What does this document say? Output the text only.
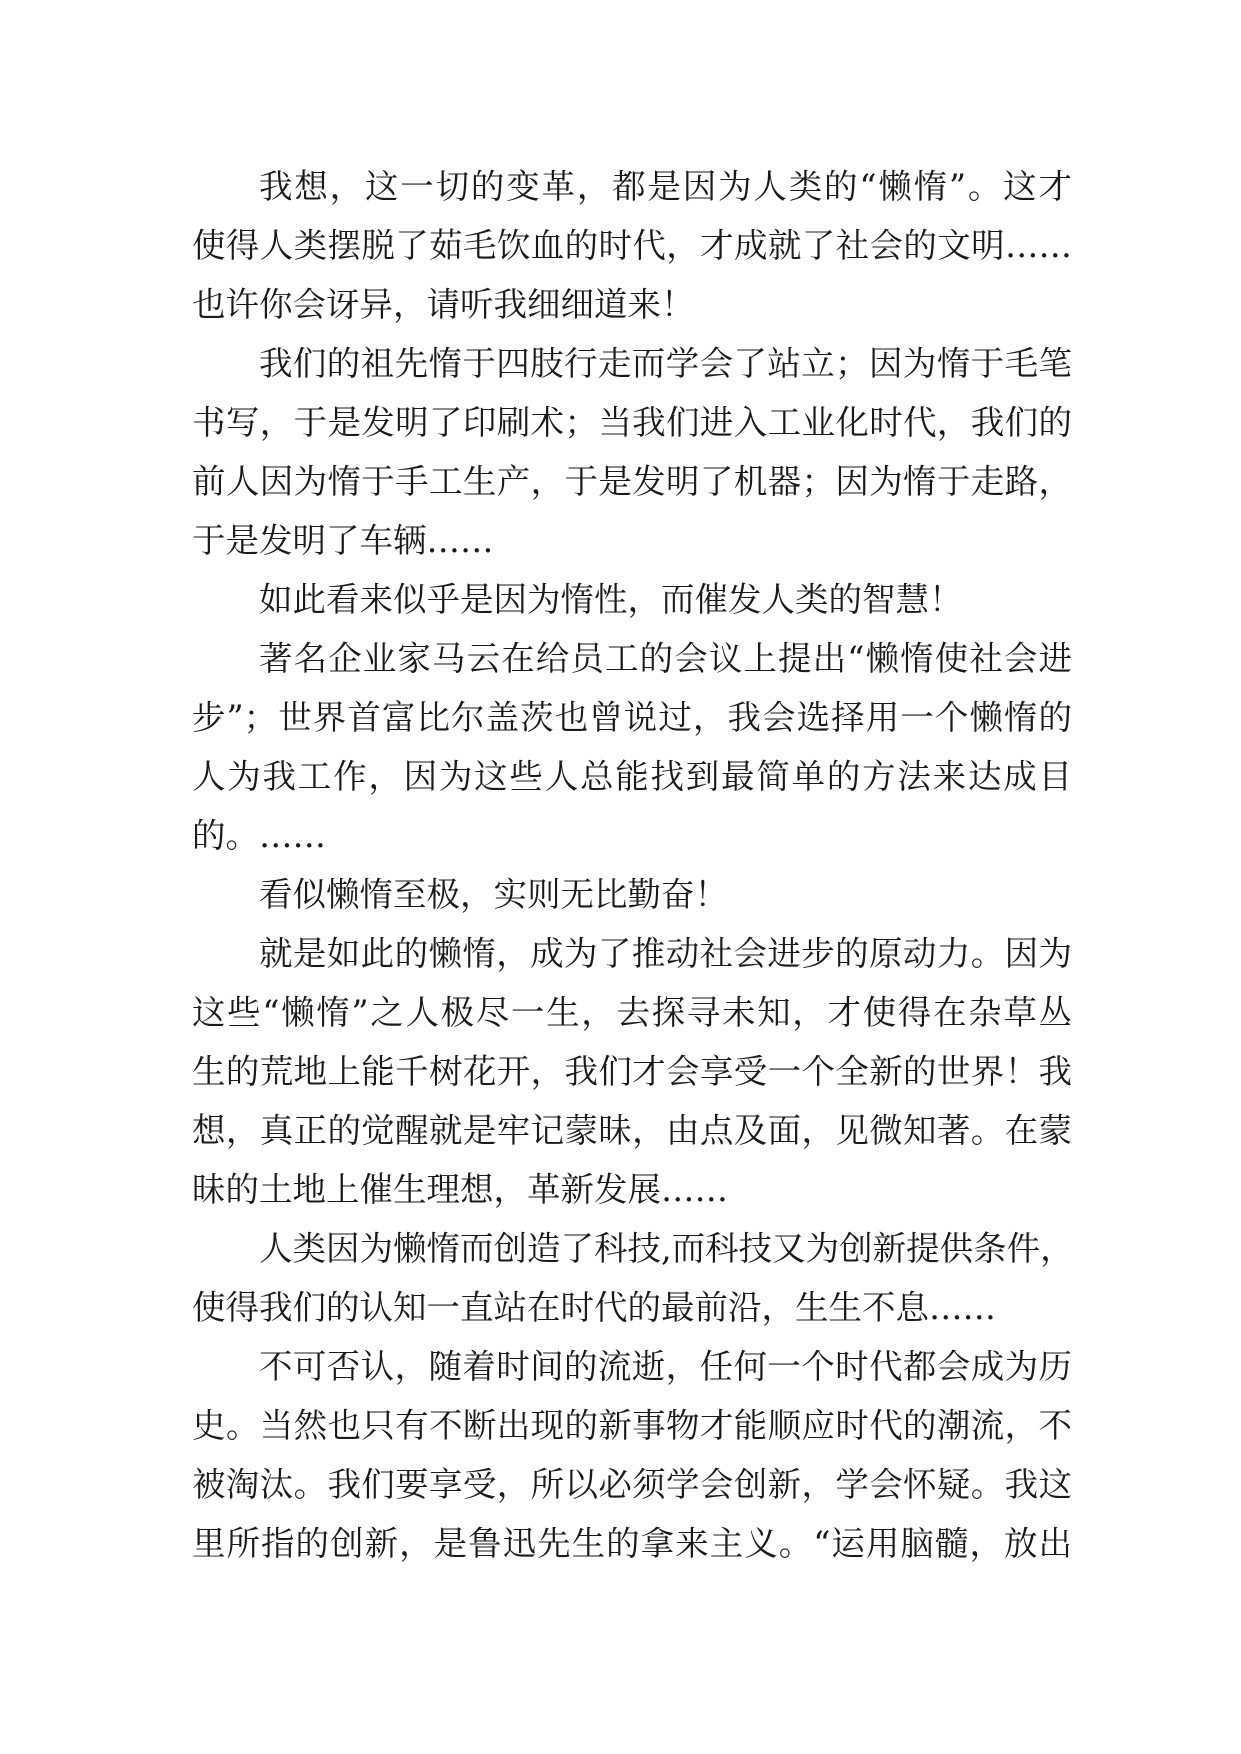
我想，这一切的变革，都是因为人类的“懒惰”。这才
使得人类摆脱了茹毛饮血的时代，才成就了社会的文明……
也许你会讶异，请听我细细道来！
我们的祖先惰于四肢行走而学会了站立；因为惰于毛笔
书写，于是发明了印刷术；当我们进入工业化时代，我们的
前人因为惰于手工生产，于是发明了机器；因为惰于走路，
于是发明了车辆……
如此看来似乎是因为惰性，而催发人类的智慧！
著名企业家马云在给员工的会议上提出“懒惰使社会进
步”；世界首富比尔盖茨也曾说过，我会选择用一个懒惰的
人为我工作，因为这些人总能找到最简单的方法来达成目
的。……
看似懒惰至极，实则无比勤奋！
就是如此的懒惰，成为了推动社会进步的原动力。因为
这些“懒惰”之人极尽一生，去探寻未知，才使得在杂草丛
生的荒地上能千树花开，我们才会享受一个全新的世界！我
想，真正的觉醒就是牢记蒙昧，由点及面，见微知著。在蒙
昧的土地上催生理想，革新发展……
人类因为懒惰而创造了科技,而科技又为创新提供条件，
使得我们的认知一直站在时代的最前沿，生生不息……
不可否认，随着时间的流逝，任何一个时代都会成为历
史。当然也只有不断出现的新事物才能顺应时代的潮流，不
被淘汰。我们要享受，所以必须学会创新，学会怀疑。我这
里所指的创新，是鲁迅先生的拿来主义。“运用脑髓，放出
